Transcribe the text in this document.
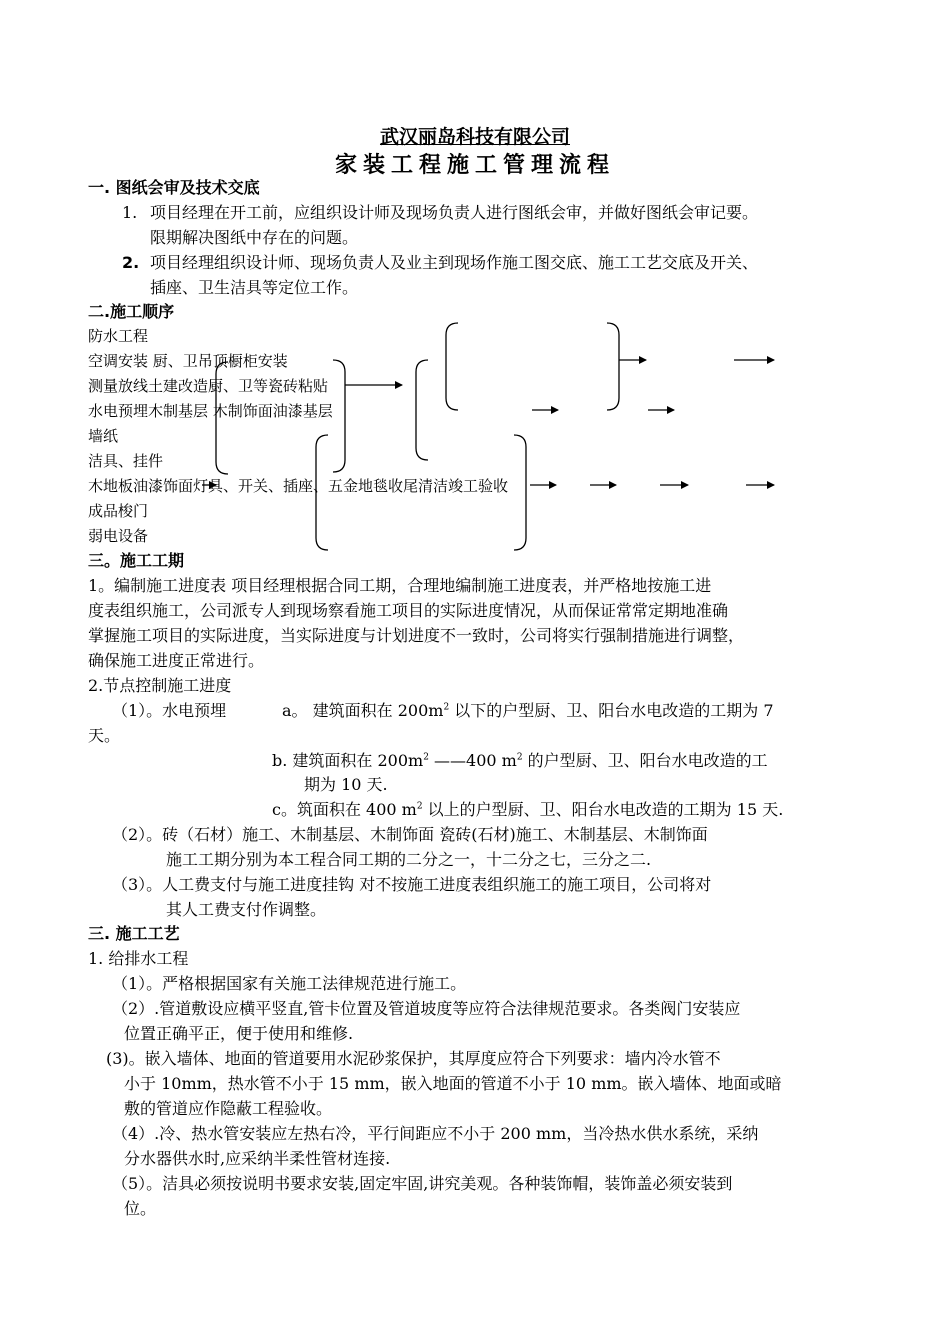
武汉丽岛科技有限公司
家装工程施工管理流程
一. 图纸会审及技术交底
1. 项目经理在开工前，应组织设计师及现场负责人进行图纸会审，并做好图纸会审记要。
限期解决图纸中存在的问题。
2. 项目经理组织设计师、现场负责人及业主到现场作施工图交底、施工工艺交底及开关、
插座、卫生洁具等定位工作。
二.施工顺序
防水工程
空调安装 厨、卫吊顶橱柜安装
测量放线土建改造厨、卫等瓷砖粘贴
水电预埋木制基层 木制饰面油漆基层
墙纸
洁具、挂件
木地板油漆饰面灯具、开关、插座、五金地毯收尾清洁竣工验收
成品梭门
弱电设备
三。施工工期
1。编制施工进度表 项目经理根据合同工期，合理地编制施工进度表，并严格地按施工进
度表组织施工，公司派专人到现场察看施工项目的实际进度情况，从而保证常常定期地准确
掌握施工项目的实际进度，当实际进度与计划进度不一致时，公司将实行强制措施进行调整，
确保施工进度正常进行。
2.节点控制施工进度
（1）。水电预埋	a。 建筑面积在 $200m^2$ 以下的户型厨、卫、阳台水电改造的工期为 7
天。
b. 建筑面积在 $200m^2$ ——400 $m^2$ 的户型厨、卫、阳台水电改造的工
期为 10 天.
c。筑面积在 400 $m^2$ 以上的户型厨、卫、阳台水电改造的工期为 15 天.
（2）。砖（石材）施工、木制基层、木制饰面 瓷砖(石材)施工、木制基层、木制饰面
施工工期分别为本工程合同工期的二分之一，十二分之七，三分之二.
（3）。人工费支付与施工进度挂钩 对不按施工进度表组织施工的施工项目，公司将对
其人工费支付作调整。
三. 施工工艺
1. 给排水工程
（1）。严格根据国家有关施工法律规范进行施工。
（2）.管道敷设应横平竖直,管卡位置及管道坡度等应符合法律规范要求。各类阀门安装应
位置正确平正，便于使用和维修.
(3)。嵌入墙体、地面的管道要用水泥砂浆保护，其厚度应符合下列要求：墙内冷水管不
小于 10mm，热水管不小于 15 mm，嵌入地面的管道不小于 10 mm。嵌入墙体、地面或暗
敷的管道应作隐蔽工程验收。
（4）.冷、热水管安装应左热右冷，平行间距应不小于 200 mm，当冷热水供水系统，采纳
分水器供水时,应采纳半柔性管材连接.
（5）。洁具必须按说明书要求安装,固定牢固,讲究美观。各种装饰帽，装饰盖必须安装到
位。
